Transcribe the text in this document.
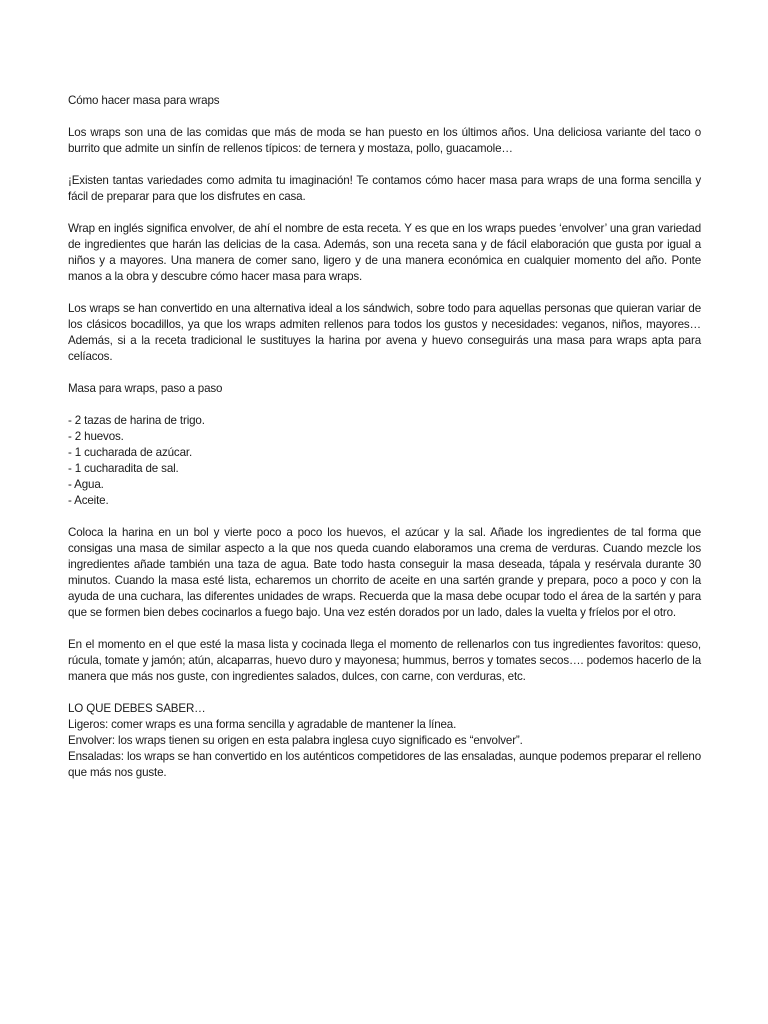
Cómo hacer masa para wraps

Los wraps son una de las comidas que más de moda se han puesto en los últimos años. Una deliciosa variante del taco o burrito que admite un sinfín de rellenos típicos: de ternera y mostaza, pollo, guacamole…

¡Existen tantas variedades como admita tu imaginación! Te contamos cómo hacer masa para wraps de una forma sencilla y fácil de preparar para que los disfrutes en casa.

Wrap en inglés significa envolver, de ahí el nombre de esta receta. Y es que en los wraps puedes ‘envolver’ una gran variedad de ingredientes que harán las delicias de la casa. Además, son una receta sana y de fácil elaboración que gusta por igual a niños y a mayores. Una manera de comer sano, ligero y de una manera económica en cualquier momento del año. Ponte manos a la obra y descubre cómo hacer masa para wraps.

Los wraps se han convertido en una alternativa ideal a los sándwich, sobre todo para aquellas personas que quieran variar de los clásicos bocadillos, ya que los wraps admiten rellenos para todos los gustos y necesidades: veganos, niños, mayores… Además, si a la receta tradicional le sustituyes la harina por avena y huevo conseguirás una masa para wraps apta para celíacos.

Masa para wraps, paso a paso

- 2 tazas de harina de trigo.
- 2 huevos.
- 1 cucharada de azúcar.
- 1 cucharadita de sal.
- Agua.
- Aceite.

Coloca la harina en un bol y vierte poco a poco los huevos, el azúcar y la sal. Añade los ingredientes de tal forma que consigas una masa de similar aspecto a la que nos queda cuando elaboramos una crema de verduras. Cuando mezcle los ingredientes añade también una taza de agua. Bate todo hasta conseguir la masa deseada, tápala y resérvala durante 30 minutos. Cuando la masa esté lista, echaremos un chorrito de aceite en una sartén grande y prepara, poco a poco y con la ayuda de una cuchara, las diferentes unidades de wraps. Recuerda que la masa debe ocupar todo el área de la sartén y para que se formen bien debes cocinarlos a fuego bajo. Una vez estén dorados por un lado, dales la vuelta y fríelos por el otro.

En el momento en el que esté la masa lista y cocinada llega el momento de rellenarlos con tus ingredientes favoritos: queso, rúcula, tomate y jamón; atún, alcaparras, huevo duro y mayonesa; hummus, berros y tomates secos…. podemos hacerlo de la manera que más nos guste, con ingredientes salados, dulces, con carne, con verduras, etc.

LO QUE DEBES SABER…
Ligeros: comer wraps es una forma sencilla y agradable de mantener la línea.
Envolver: los wraps tienen su origen en esta palabra inglesa cuyo significado es “envolver”.

Ensaladas: los wraps se han convertido en los auténticos competidores de las ensaladas, aunque podemos preparar el relleno que más nos guste.
